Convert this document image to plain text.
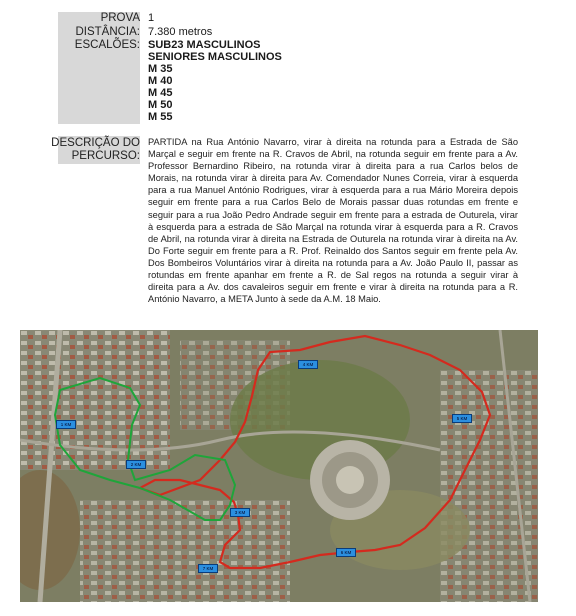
PROVA
DISTÂNCIA:
ESCALÕES:
1
7.380 metros
SUB23 MASCULINOS
SENIORES MASCULINOS
M 35
M 40
M 45
M 50
M 55
DESCRIÇÃO DO
PERCURSO:
PARTIDA na Rua António Navarro, virar à direita na rotunda para a Estrada de São Marçal e seguir em frente na R. Cravos de Abril, na rotunda seguir em frente para a Av. Professor Bernardino Ribeiro, na rotunda virar à direita para a rua Carlos belos de Morais, na rotunda virar à direita para Av. Comendador Nunes Correia, virar à esquerda para a rua Manuel António Rodrigues, virar à esquerda para a rua Mário Moreira depois seguir em frente para a rua Carlos Belo de Morais passar duas rotundas em frente e seguir para a rua João Pedro Andrade seguir em frente para a estrada de Outurela, virar à esquerda para a estrada de São Marçal na rotunda virar à esquerda para a R. Cravos de Abril, na rotunda virar à direita na Estrada de Outurela na rotunda virar à direita na Av. Do Forte seguir em frente para a R. Prof. Reinaldo dos Santos seguir em frente pela Av. Dos Bombeiros Voluntários virar à direita na rotunda para a Av. João Paulo II, passar as rotundas em frente apanhar em frente a R. de Sal regos na rotunda a seguir virar à direita para a Av. dos cavaleiros seguir em frente e virar à direita na rotunda para a R. António Navarro, a META Junto à sede da A.M. 18 Maio.
1 KM
2 KM
3 KM
4 KM
5 KM
6 KM
7 KM
